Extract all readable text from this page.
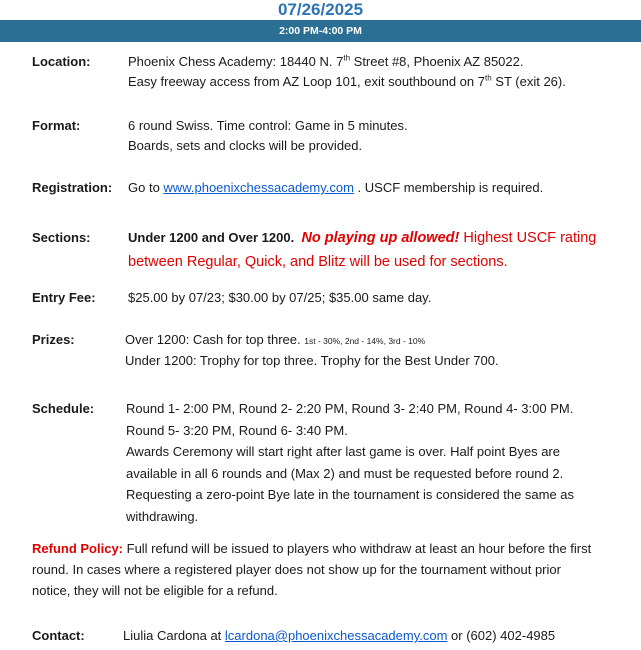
07/26/2025
2:00 PM-4:00 PM
Location:	Phoenix Chess Academy: 18440 N. 7th Street #8, Phoenix AZ 85022.
Easy freeway access from AZ Loop 101, exit southbound on 7th ST (exit 26).
Format:	6 round Swiss. Time control: Game in 5 minutes.
Boards, sets and clocks will be provided.
Registration: Go to www.phoenixchessacademy.com . USCF membership is required.
Sections:	Under 1200 and Over 1200. No playing up allowed! Highest USCF rating
between Regular, Quick, and Blitz will be used for sections.
Entry Fee: $25.00 by 07/23; $30.00 by 07/25; $35.00 same day.
Prizes:	Over 1200: Cash for top three. 1st - 30%, 2nd - 14%, 3rd - 10%
Under 1200: Trophy for top three. Trophy for the Best Under 700.
Schedule: Round 1- 2:00 PM, Round 2- 2:20 PM, Round 3- 2:40 PM, Round 4- 3:00 PM.
Round 5- 3:20 PM, Round 6- 3:40 PM.
Awards Ceremony will start right after last game is over. Half point Byes are
available in all 6 rounds and (Max 2) and must be requested before round 2.
Requesting a zero-point Bye late in the tournament is considered the same as
withdrawing.
Refund Policy: Full refund will be issued to players who withdraw at least an hour before the first
round. In cases where a registered player does not show up for the tournament without prior
notice, they will not be eligible for a refund.
Contact:	Liulia Cardona at lcardona@phoenixchessacademy.com or (602) 402-4985
